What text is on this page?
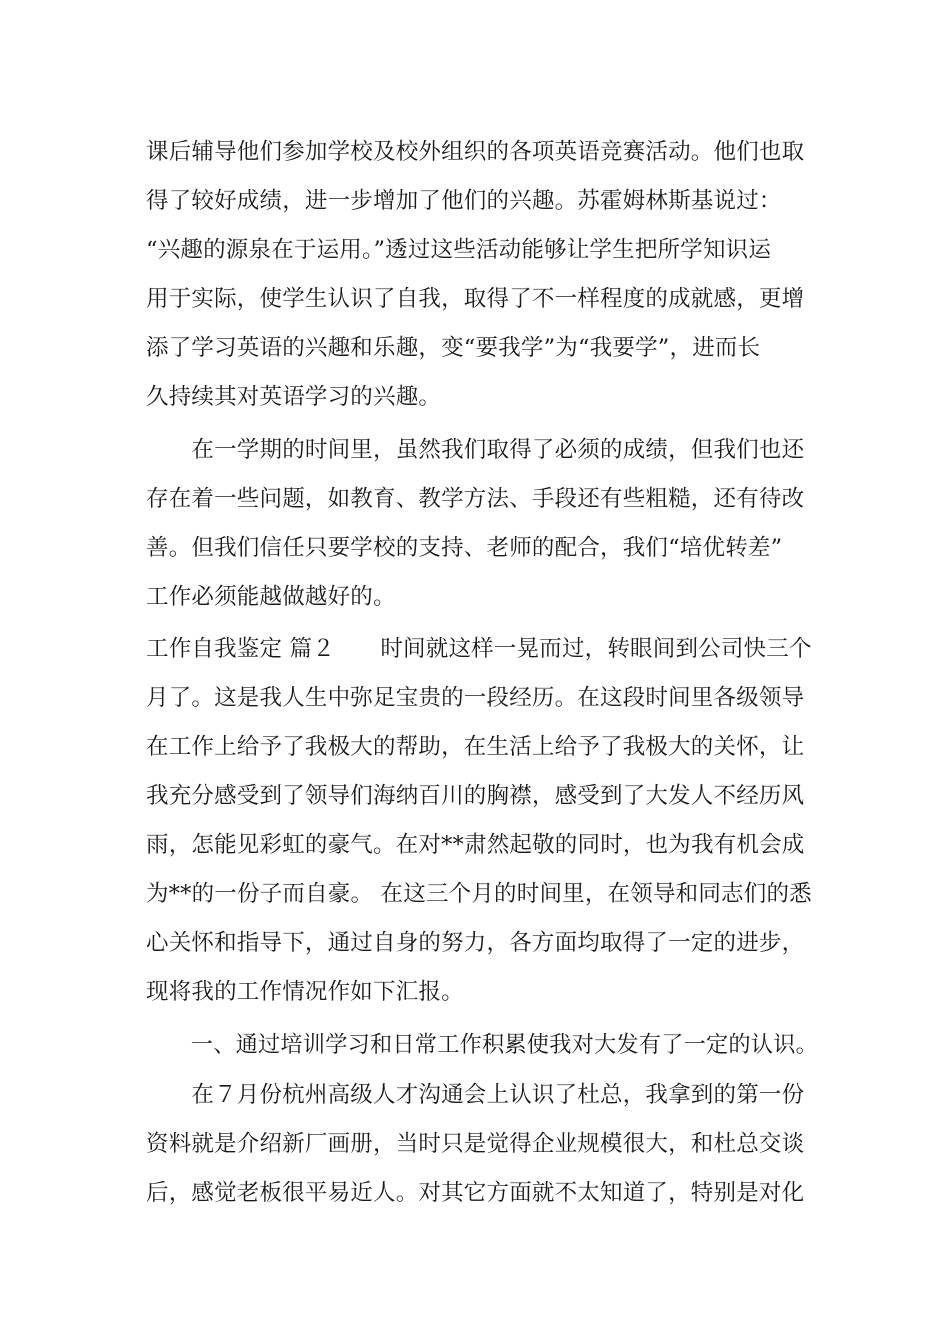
课后辅导他们参加学校及校外组织的各项英语竞赛活动。他们也取
得了较好成绩，进一步增加了他们的兴趣。苏霍姆林斯基说过：
“兴趣的源泉在于运用。”透过这些活动能够让学生把所学知识运
用于实际，使学生认识了自我，取得了不一样程度的成就感，更增
添了学习英语的兴趣和乐趣，变“要我学”为“我要学”，进而长
久持续其对英语学习的兴趣。
　　在一学期的时间里，虽然我们取得了必须的成绩，但我们也还
存在着一些问题，如教育、教学方法、手段还有些粗糙，还有待改
善。但我们信任只要学校的支持、老师的配合，我们“培优转差”
工作必须能越做越好的。
工作自我鉴定 篇２　　时间就这样一晃而过，转眼间到公司快三个
月了。这是我人生中弥足宝贵的一段经历。在这段时间里各级领导
在工作上给予了我极大的帮助，在生活上给予了我极大的关怀，让
我充分感受到了领导们海纳百川的胸襟，感受到了大发人不经历风
雨，怎能见彩虹的豪气。在对**肃然起敬的同时，也为我有机会成
为**的一份子而自豪。 在这三个月的时间里，在领导和同志们的悉
心关怀和指导下，通过自身的努力，各方面均取得了一定的进步，
现将我的工作情况作如下汇报。
　　一、通过培训学习和日常工作积累使我对大发有了一定的认识。
　　在７月份杭州高级人才沟通会上认识了杜总，我拿到的第一份
资料就是介绍新厂画册，当时只是觉得企业规模很大，和杜总交谈
后，感觉老板很平易近人。对其它方面就不太知道了，特别是对化
